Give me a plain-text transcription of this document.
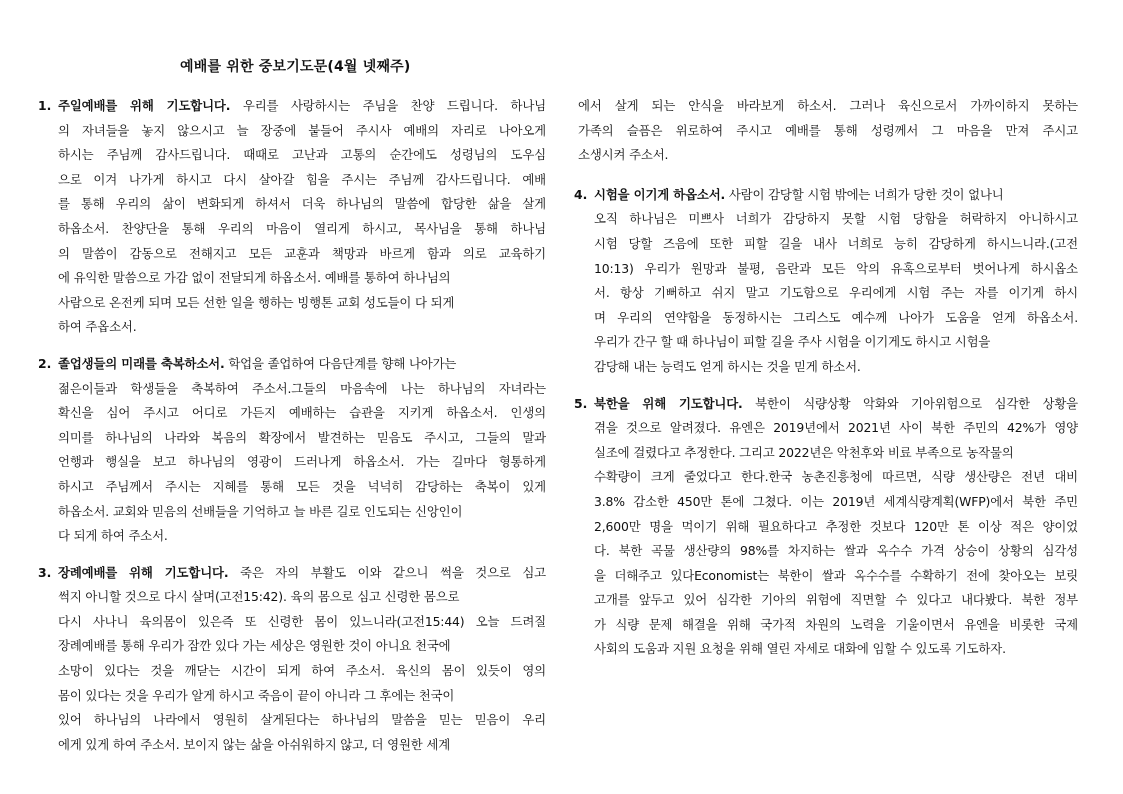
예배를 위한 중보기도문(4월 넷째주)
1. 주일예배를 위해 기도합니다. 우리를 사랑하시는 주님을 찬양 드립니다. 하나님
의 자녀들을 놓지 않으시고 늘 장중에 붙들어 주시사 예배의 자리로 나아오게
하시는 주님께 감사드립니다. 때때로 고난과 고통의 순간에도 성령님의 도우심
으로 이겨 나가게 하시고 다시 살아갈 힘을 주시는 주님께 감사드립니다. 예배
를 통해 우리의 삶이 변화되게 하셔서 더욱 하나님의 말씀에 합당한 삶을 살게
하옵소서. 찬양단을 통해 우리의 마음이 열리게 하시고, 목사님을 통해 하나님
의 말씀이 감동으로 전해지고 모든 교훈과 책망과 바르게 함과 의로 교육하기
에 유익한 말씀으로 가감 없이 전달되게 하옵소서. 예배를 통하여 하나님의
사람으로 온전케 되며 모든 선한 일을 행하는 빙행톤 교회 성도들이 다 되게
하여 주옵소서.
2. 졸업생들의 미래를 축복하소서. 학업을 졸업하여 다음단계를 향해 나아가는
젊은이들과 학생들을 축복하여 주소서.그들의 마음속에 나는 하나님의 자녀라는
확신을 심어 주시고 어디로 가든지 예배하는 습관을 지키게 하옵소서. 인생의
의미를 하나님의 나라와 복음의 확장에서 발견하는 믿음도 주시고, 그들의 말과
언행과 행실을 보고 하나님의 영광이 드러나게 하옵소서. 가는 길마다 형통하게
하시고 주님께서 주시는 지혜를 통해 모든 것을 넉넉히 감당하는 축복이 있게
하옵소서. 교회와 믿음의 선배들을 기억하고 늘 바른 길로 인도되는 신앙인이
다 되게 하여 주소서.
3. 장례예배를 위해 기도합니다. 죽은 자의 부활도 이와 같으니 썩을 것으로 심고
썩지 아니할 것으로 다시 살며(고전15:42). 육의 몸으로 심고 신령한 몸으로
다시 사나니 육의몸이 있은즉 또 신령한 몸이 있느니라(고전15:44) 오늘 드려질
장례예배를 통해 우리가 잠깐 있다 가는 세상은 영원한 것이 아니요 천국에
소망이 있다는 것을 깨닫는 시간이 되게 하여 주소서. 육신의 몸이 있듯이 영의
몸이 있다는 것을 우리가 알게 하시고 죽음이 끝이 아니라 그 후에는 천국이
있어 하나님의 나라에서 영원히 살게된다는 하나님의 말씀을 믿는 믿음이 우리
에게 있게 하여 주소서. 보이지 않는 삶을 아쉬워하지 않고, 더 영원한 세계
에서 살게 되는 안식을 바라보게 하소서. 그러나 육신으로서 가까이하지 못하는
가족의 슬픔은 위로하여 주시고 예배를 통해 성령께서 그 마음을 만져 주시고
소생시켜 주소서.
4. 시험을 이기게 하옵소서. 사람이 감당할 시험 밖에는 너희가 당한 것이 없나니
오직 하나님은 미쁘사 너희가 감당하지 못할 시험 당함을 허락하지 아니하시고
시험 당할 즈음에 또한 피할 길을 내사 너희로 능히 감당하게 하시느니라.(고전
10:13) 우리가 원망과 불평, 음란과 모든 악의 유혹으로부터 벗어나게 하시옵소
서. 항상 기뻐하고 쉬지 말고 기도함으로 우리에게 시험 주는 자를 이기게 하시
며 우리의 연약함을 동정하시는 그리스도 예수께 나아가 도움을 얻게 하옵소서.
우리가 간구 할 때 하나님이 피할 길을 주사 시험을 이기게도 하시고 시험을
감당해 내는 능력도 얻게 하시는 것을 믿게 하소서.
5. 북한을 위해 기도합니다. 북한이 식량상황 악화와 기아위험으로 심각한 상황을
겪을 것으로 알려졌다. 유엔은 2019년에서 2021년 사이 북한 주민의 42%가 영양
실조에 걸렸다고 추정한다. 그리고 2022년은 악천후와 비료 부족으로 농작물의
수확량이 크게 줄었다고 한다.한국 농촌진흥청에 따르면, 식량 생산량은 전년 대비
3.8% 감소한 450만 톤에 그쳤다. 이는 2019년 세계식량계획(WFP)에서 북한 주민
2,600만 명을 먹이기 위해 필요하다고 추정한 것보다 120만 톤 이상 적은 양이었
다. 북한 곡물 생산량의 98%를 차지하는 쌀과 옥수수 가격 상승이 상황의 심각성
을 더해주고 있다Economist는 북한이 쌀과 옥수수를 수확하기 전에 찾아오는 보릿
고개를 앞두고 있어 심각한 기아의 위험에 직면할 수 있다고 내다봤다. 북한 정부
가 식량 문제 해결을 위해 국가적 차원의 노력을 기울이면서 유엔을 비롯한 국제
사회의 도움과 지원 요청을 위해 열린 자세로 대화에 임할 수 있도록 기도하자.
